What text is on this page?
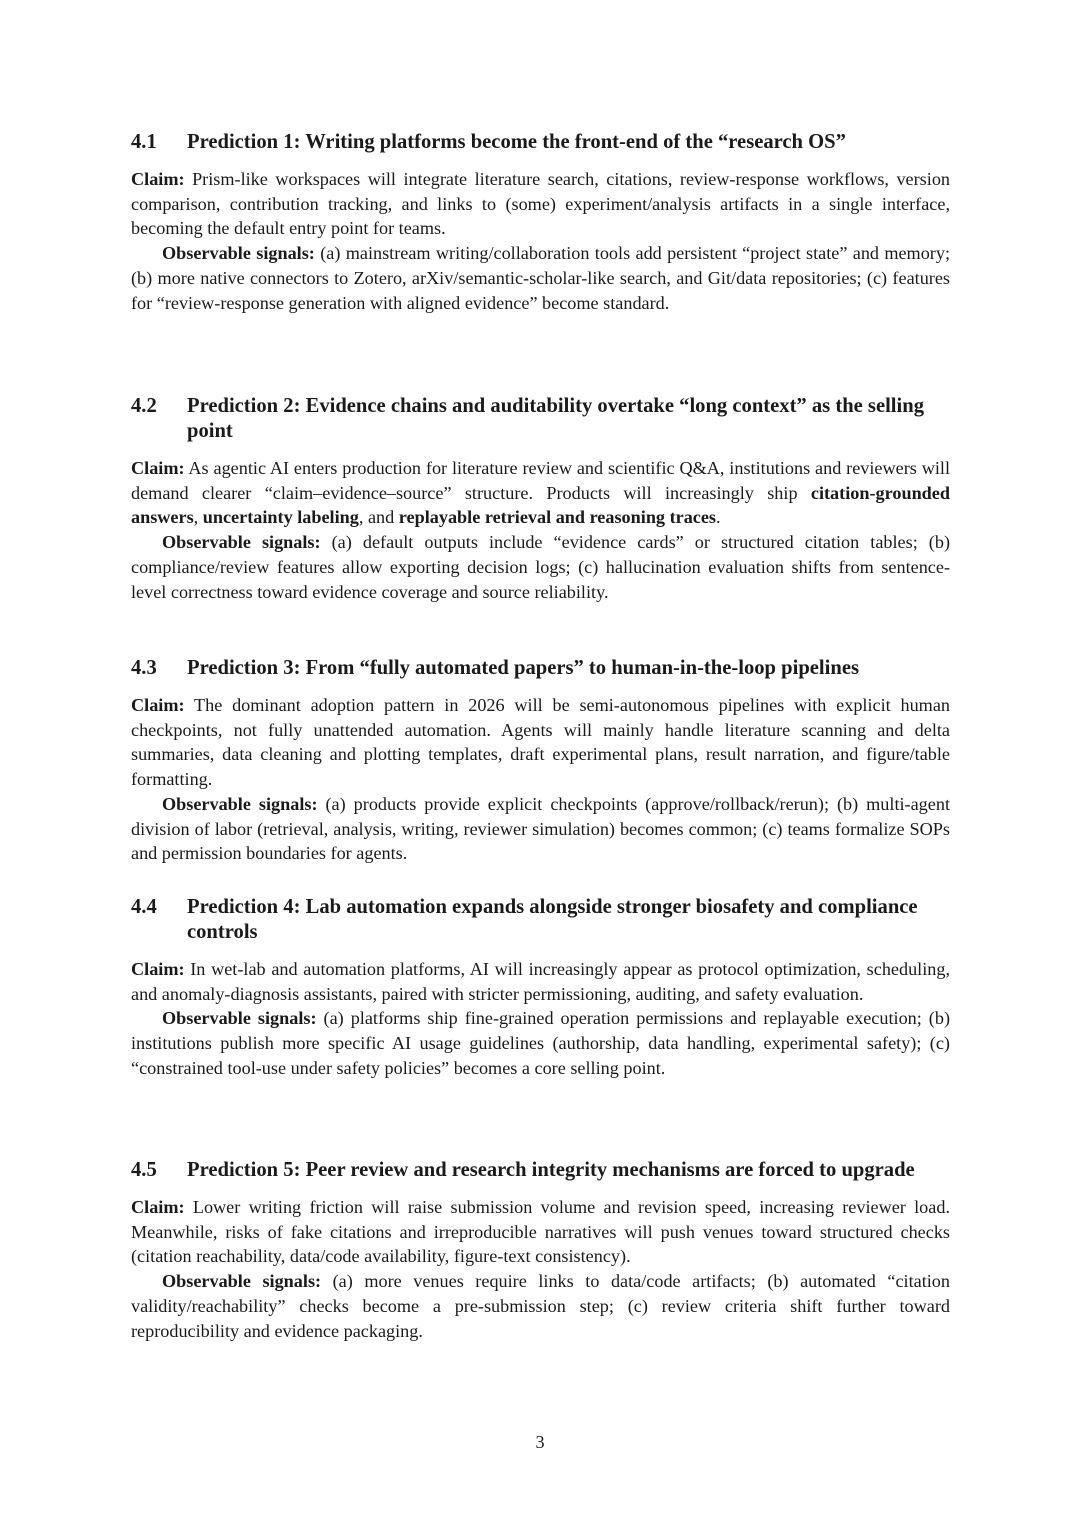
4.1	Prediction 1: Writing platforms become the front-end of the “research OS”

Claim: Prism-like workspaces will integrate literature search, citations, review-response workflows, version comparison, contribution tracking, and links to (some) experiment/analysis artifacts in a single interface, becoming the default entry point for teams.

Observable signals: (a) mainstream writing/collaboration tools add persistent “project state” and memory; (b) more native connectors to Zotero, arXiv/semantic-scholar-like search, and Git/data repositories; (c) features for “review-response generation with aligned evidence” become standard.

4.2	Prediction 2: Evidence chains and auditability overtake “long context” as the selling point

Claim: As agentic AI enters production for literature review and scientific Q&A, institutions and reviewers will demand clearer “claim–evidence–source” structure. Products will increasingly ship citation-grounded answers, uncertainty labeling, and replayable retrieval and reasoning traces.

Observable signals: (a) default outputs include “evidence cards” or structured citation tables; (b) compliance/review features allow exporting decision logs; (c) hallucination evaluation shifts from sentence-level correctness toward evidence coverage and source reliability.

4.3	Prediction 3: From “fully automated papers” to human-in-the-loop pipelines

Claim: The dominant adoption pattern in 2026 will be semi-autonomous pipelines with explicit human checkpoints, not fully unattended automation. Agents will mainly handle literature scanning and delta summaries, data cleaning and plotting templates, draft experimental plans, result narration, and figure/table formatting.

Observable signals: (a) products provide explicit checkpoints (approve/rollback/rerun); (b) multi-agent division of labor (retrieval, analysis, writing, reviewer simulation) becomes common; (c) teams formalize SOPs and permission boundaries for agents.

4.4	Prediction 4: Lab automation expands alongside stronger biosafety and compliance controls

Claim: In wet-lab and automation platforms, AI will increasingly appear as protocol optimization, scheduling, and anomaly-diagnosis assistants, paired with stricter permissioning, auditing, and safety evaluation.

Observable signals: (a) platforms ship fine-grained operation permissions and replayable execution; (b) institutions publish more specific AI usage guidelines (authorship, data handling, experimental safety); (c) “constrained tool-use under safety policies” becomes a core selling point.

4.5	Prediction 5: Peer review and research integrity mechanisms are forced to upgrade

Claim: Lower writing friction will raise submission volume and revision speed, increasing reviewer load. Meanwhile, risks of fake citations and irreproducible narratives will push venues toward structured checks (citation reachability, data/code availability, figure-text consistency).

Observable signals: (a) more venues require links to data/code artifacts; (b) automated “citation validity/reachability” checks become a pre-submission step; (c) review criteria shift further toward reproducibility and evidence packaging.

3
